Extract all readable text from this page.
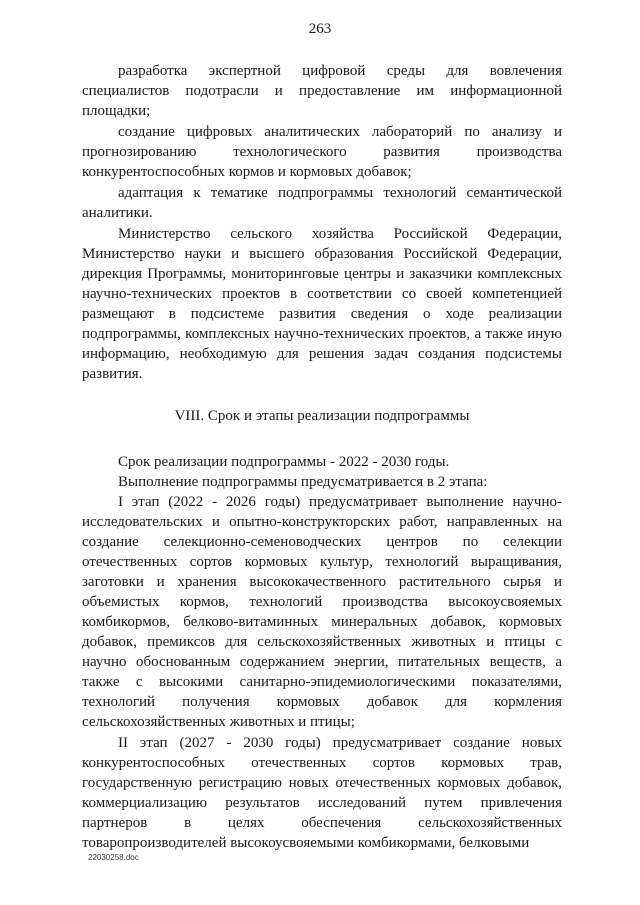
263

разработка экспертной цифровой среды для вовлечения специалистов подотрасли и предоставление им информационной площадки;

создание цифровых аналитических лабораторий по анализу и прогнозированию технологического развития производства конкурентоспособных кормов и кормовых добавок;

адаптация к тематике подпрограммы технологий семантической аналитики.

Министерство сельского хозяйства Российской Федерации, Министерство науки и высшего образования Российской Федерации, дирекция Программы, мониторинговые центры и заказчики комплексных научно-технических проектов в соответствии со своей компетенцией размещают в подсистеме развития сведения о ходе реализации подпрограммы, комплексных научно-технических проектов, а также иную информацию, необходимую для решения задач создания подсистемы развития.

VIII. Срок и этапы реализации подпрограммы

Срок реализации подпрограммы - 2022 - 2030 годы.

Выполнение подпрограммы предусматривается в 2 этапа:

I этап (2022 - 2026 годы) предусматривает выполнение научно-исследовательских и опытно-конструкторских работ, направленных на создание селекционно-семеноводческих центров по селекции отечественных сортов кормовых культур, технологий выращивания, заготовки и хранения высококачественного растительного сырья и объемистых кормов, технологий производства высокоусвояемых комбикормов, белково-витаминных минеральных добавок, кормовых добавок, премиксов для сельскохозяйственных животных и птицы с научно обоснованным содержанием энергии, питательных веществ, а также с высокими санитарно-эпидемиологическими показателями, технологий получения кормовых добавок для кормления сельскохозяйственных животных и птицы;

II этап (2027 - 2030 годы) предусматривает создание новых конкурентоспособных отечественных сортов кормовых трав, государственную регистрацию новых отечественных кормовых добавок, коммерциализацию результатов исследований путем привлечения партнеров в целях обеспечения сельскохозяйственных товаропроизводителей высокоусвояемыми комбикормами, белковыми

22030258.doc
